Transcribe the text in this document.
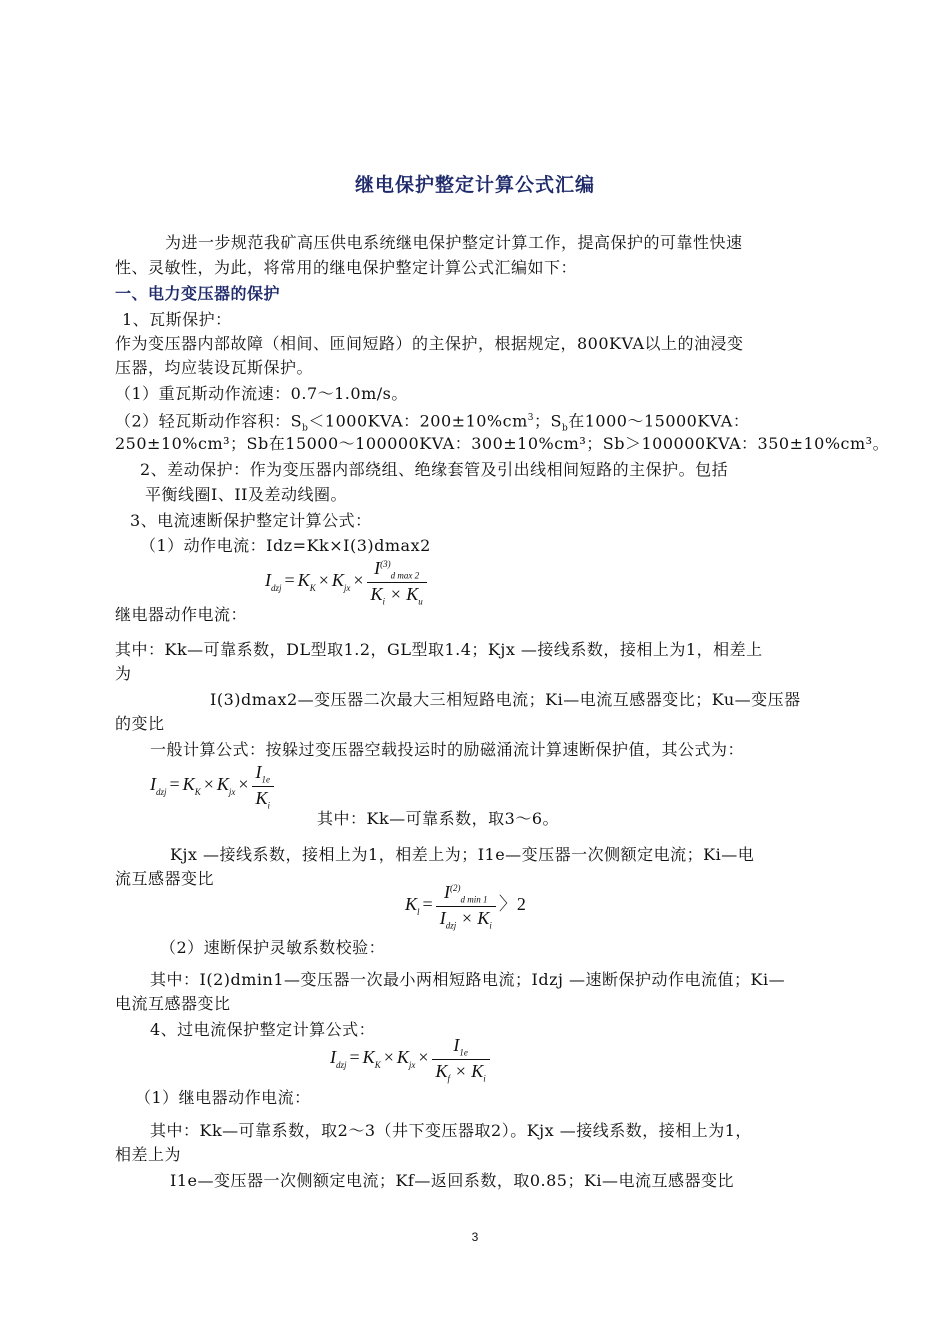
继电保护整定计算公式汇编
为进一步规范我矿高压供电系统继电保护整定计算工作，提高保护的可靠性快速
性、灵敏性，为此，将常用的继电保护整定计算公式汇编如下：
一、电力变压器的保护
1、瓦斯保护：
作为变压器内部故障（相间、匝间短路）的主保护，根据规定，800KVA以上的油浸变
压器，均应装设瓦斯保护。
（1）重瓦斯动作流速：0.7～1.0m/s。
（2）轻瓦斯动作容积：$S_b<1000KVA$：$200\pm 10\%cm^3$；$S_b$在1000～15000KVA：
250±10%cm³；Sb在15000～100000KVA：300±10%cm³；Sb＞100000KVA：350±10%cm³。
2、差动保护：作为变压器内部绕组、绝缘套管及引出线相间短路的主保护。包括
平衡线圈I、II及差动线圈。
3、电流速断保护整定计算公式：
（1）动作电流：Idz=Kk×I(3)dmax2
$I_{dzj} = K_K \times K_{jx} \times \frac{I^{(3)}_{d max 2}}{K_i \times K_u}$
继电器动作电流：
其中：Kk—可靠系数，DL型取1.2，GL型取1.4；Kjx —接线系数，接相上为1，相差上
为
I(3)dmax2—变压器二次最大三相短路电流；Ki—电流互感器变比；Ku—变压器
的变比
一般计算公式：按躲过变压器空载投运时的励磁涌流计算速断保护值，其公式为：
$I_{dzj} = K_K \times K_{jx} \times \frac{I_{1e}}{K_i}$
其中：Kk—可靠系数，取3～6。
Kjx —接线系数，接相上为1，相差上为；I1e—变压器一次侧额定电流；Ki—电
流互感器变比
$K_l = \frac{I^{(2)}_{d min 1}}{I_{dzj} \times K_i}$ 〉2
（2）速断保护灵敏系数校验：
其中：I(2)dmin1—变压器一次最小两相短路电流；Idzj —速断保护动作电流值；Ki—
电流互感器变比
4、过电流保护整定计算公式：
$I_{dzj} = K_K \times K_{jx} \times \frac{I_{1e}}{K_f \times K_i}$
（1）继电器动作电流：
其中：Kk—可靠系数，取2～3（井下变压器取2）。Kjx —接线系数，接相上为1，
相差上为
I1e—变压器一次侧额定电流；Kf—返回系数，取0.85；Ki—电流互感器变比
3
